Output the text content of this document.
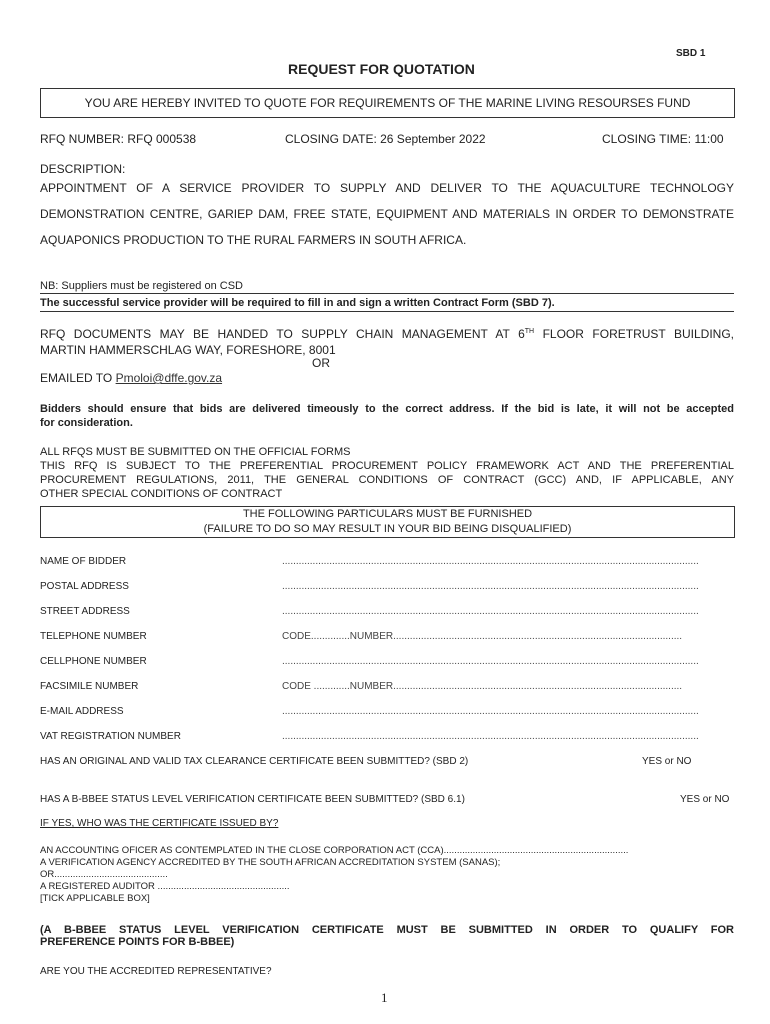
SBD 1
REQUEST FOR QUOTATION
YOU ARE HEREBY INVITED TO QUOTE FOR REQUIREMENTS OF THE MARINE LIVING RESOURSES FUND
RFQ NUMBER: RFQ 000538	CLOSING DATE: 26 September 2022	CLOSING TIME: 11:00
DESCRIPTION:
APPOINTMENT OF A SERVICE PROVIDER TO SUPPLY AND DELIVER TO THE AQUACULTURE TECHNOLOGY
DEMONSTRATION CENTRE, GARIEP DAM, FREE STATE, EQUIPMENT AND MATERIALS IN ORDER TO DEMONSTRATE
AQUAPONICS PRODUCTION TO THE RURAL FARMERS IN SOUTH AFRICA.
NB: Suppliers must be registered on CSD
The successful service provider will be required to fill in and sign a written Contract Form (SBD 7).
RFQ DOCUMENTS MAY BE HANDED TO SUPPLY CHAIN MANAGEMENT AT 6TH FLOOR FORETRUST BUILDING,
MARTIN HAMMERSCHLAG WAY, FORESHORE, 8001
OR
EMAILED TO Pmoloi@dffe.gov.za
Bidders should ensure that bids are delivered timeously to the correct address. If the bid is late, it will not be accepted
for consideration.
ALL RFQS MUST BE SUBMITTED ON THE OFFICIAL FORMS
THIS RFQ IS SUBJECT TO THE PREFERENTIAL PROCUREMENT POLICY FRAMEWORK ACT AND THE PREFERENTIAL
PROCUREMENT REGULATIONS, 2011, THE GENERAL CONDITIONS OF CONTRACT (GCC) AND, IF APPLICABLE, ANY
OTHER SPECIAL CONDITIONS OF CONTRACT
THE FOLLOWING PARTICULARS MUST BE FURNISHED
(FAILURE TO DO SO MAY RESULT IN YOUR BID BEING DISQUALIFIED)
NAME OF BIDDER	......................................................................................................................................................
POSTAL ADDRESS	......................................................................................................................................................
STREET ADDRESS	......................................................................................................................................................
TELEPHONE NUMBER	CODE..............NUMBER........................................................................................................
CELLPHONE NUMBER	......................................................................................................................................................
FACSIMILE NUMBER	CODE .............NUMBER........................................................................................................
E-MAIL ADDRESS	......................................................................................................................................................
VAT REGISTRATION NUMBER	......................................................................................................................................................
HAS AN ORIGINAL AND VALID TAX CLEARANCE CERTIFICATE BEEN SUBMITTED? (SBD 2)	YES or NO
HAS A B-BBEE STATUS LEVEL VERIFICATION CERTIFICATE BEEN SUBMITTED? (SBD 6.1)	YES or NO
IF YES, WHO WAS THE CERTIFICATE ISSUED BY?
AN ACCOUNTING OFICER AS CONTEMPLATED IN THE CLOSE CORPORATION ACT (CCA)......................................................................
A VERIFICATION AGENCY ACCREDITED BY THE SOUTH AFRICAN ACCREDITATION SYSTEM (SANAS);
OR...........................................
A REGISTERED AUDITOR ..................................................
[TICK APPLICABLE BOX]
(A B-BBEE STATUS LEVEL VERIFICATION CERTIFICATE MUST BE SUBMITTED IN ORDER TO QUALIFY FOR
PREFERENCE POINTS FOR B-BBEE)
ARE YOU THE ACCREDITED REPRESENTATIVE?
1
